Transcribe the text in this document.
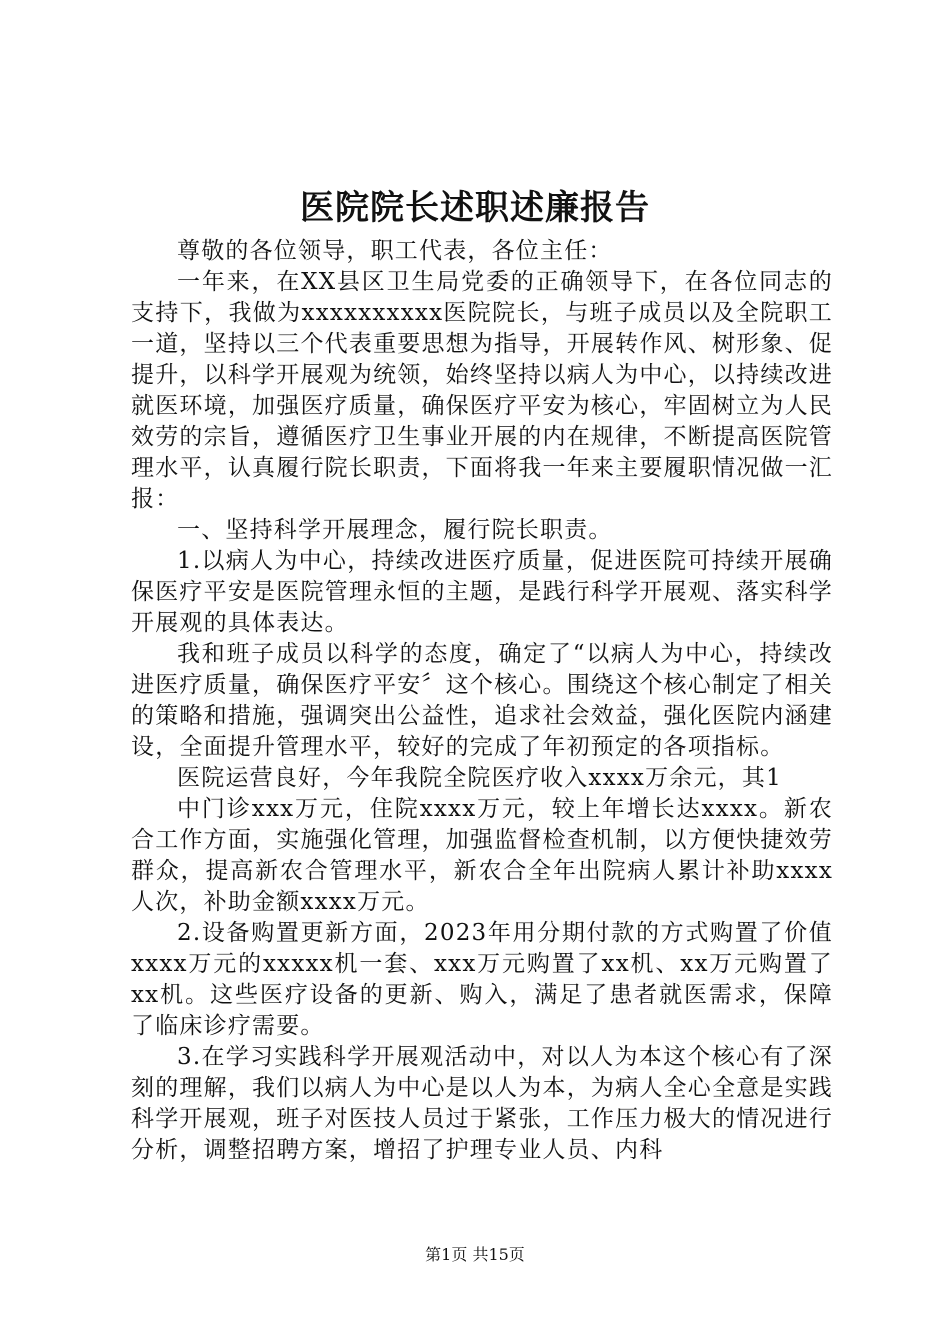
医院院长述职述廉报告

尊敬的各位领导，职工代表，各位主任：

一年来，在XX县区卫生局党委的正确领导下，在各位同志的支持下，我做为xxxxxxxxxx医院院长，与班子成员以及全院职工一道，坚持以三个代表重要思想为指导，开展转作风、树形象、促提升，以科学开展观为统领，始终坚持以病人为中心，以持续改进就医环境，加强医疗质量，确保医疗平安为核心，牢固树立为人民效劳的宗旨，遵循医疗卫生事业开展的内在规律，不断提高医院管理水平，认真履行院长职责，下面将我一年来主要履职情况做一汇报：

一、坚持科学开展理念，履行院长职责。

1.以病人为中心，持续改进医疗质量，促进医院可持续开展确保医疗平安是医院管理永恒的主题，是践行科学开展观、落实科学开展观的具体表达。

我和班子成员以科学的态度，确定了“以病人为中心，持续改进医疗质量，确保医疗平安〞这个核心。围绕这个核心制定了相关的策略和措施，强调突出公益性，追求社会效益，强化医院内涵建设，全面提升管理水平，较好的完成了年初预定的各项指标。

医院运营良好，今年我院全院医疗收入xxxx万余元，其1

中门诊xxx万元，住院xxxx万元，较上年增长达xxxx。新农合工作方面，实施强化管理，加强监督检查机制，以方便快捷效劳群众，提高新农合管理水平，新农合全年出院病人累计补助xxxx人次，补助金额xxxx万元。

2.设备购置更新方面，2023年用分期付款的方式购置了价值xxxx万元的xxxxx机一套、xxx万元购置了xx机、xx万元购置了xx机。这些医疗设备的更新、购入，满足了患者就医需求，保障了临床诊疗需要。

3.在学习实践科学开展观活动中，对以人为本这个核心有了深刻的理解，我们以病人为中心是以人为本，为病人全心全意是实践科学开展观，班子对医技人员过于紧张，工作压力极大的情况进行分析，调整招聘方案，增招了护理专业人员、内科

第1页 共15页
